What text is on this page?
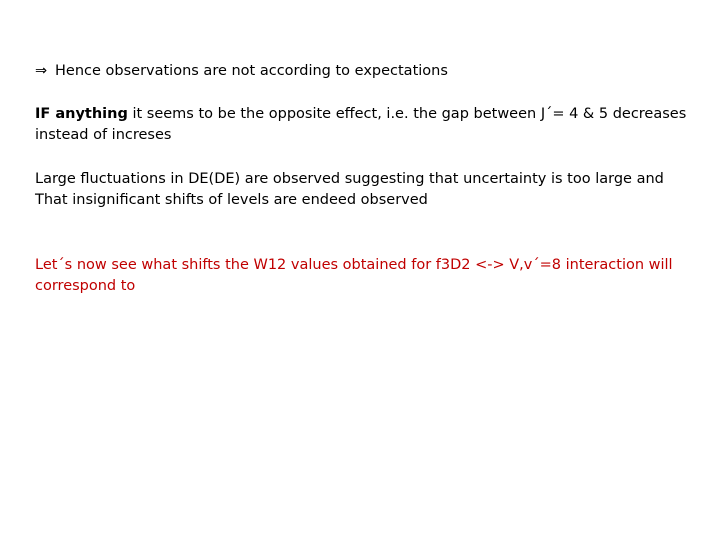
⇒ Hence observations are not according to expectations
IF anything it seems to be the opposite effect, i.e. the gap between J´= 4 & 5 decreases
instead of increses
Large fluctuations in DE(DE) are observed suggesting that uncertainty is too large and
That insignificant shifts of levels are endeed observed
Let´s now see what shifts the W12 values obtained for f3D2 <-> V,v´=8 interaction will
correspond to
